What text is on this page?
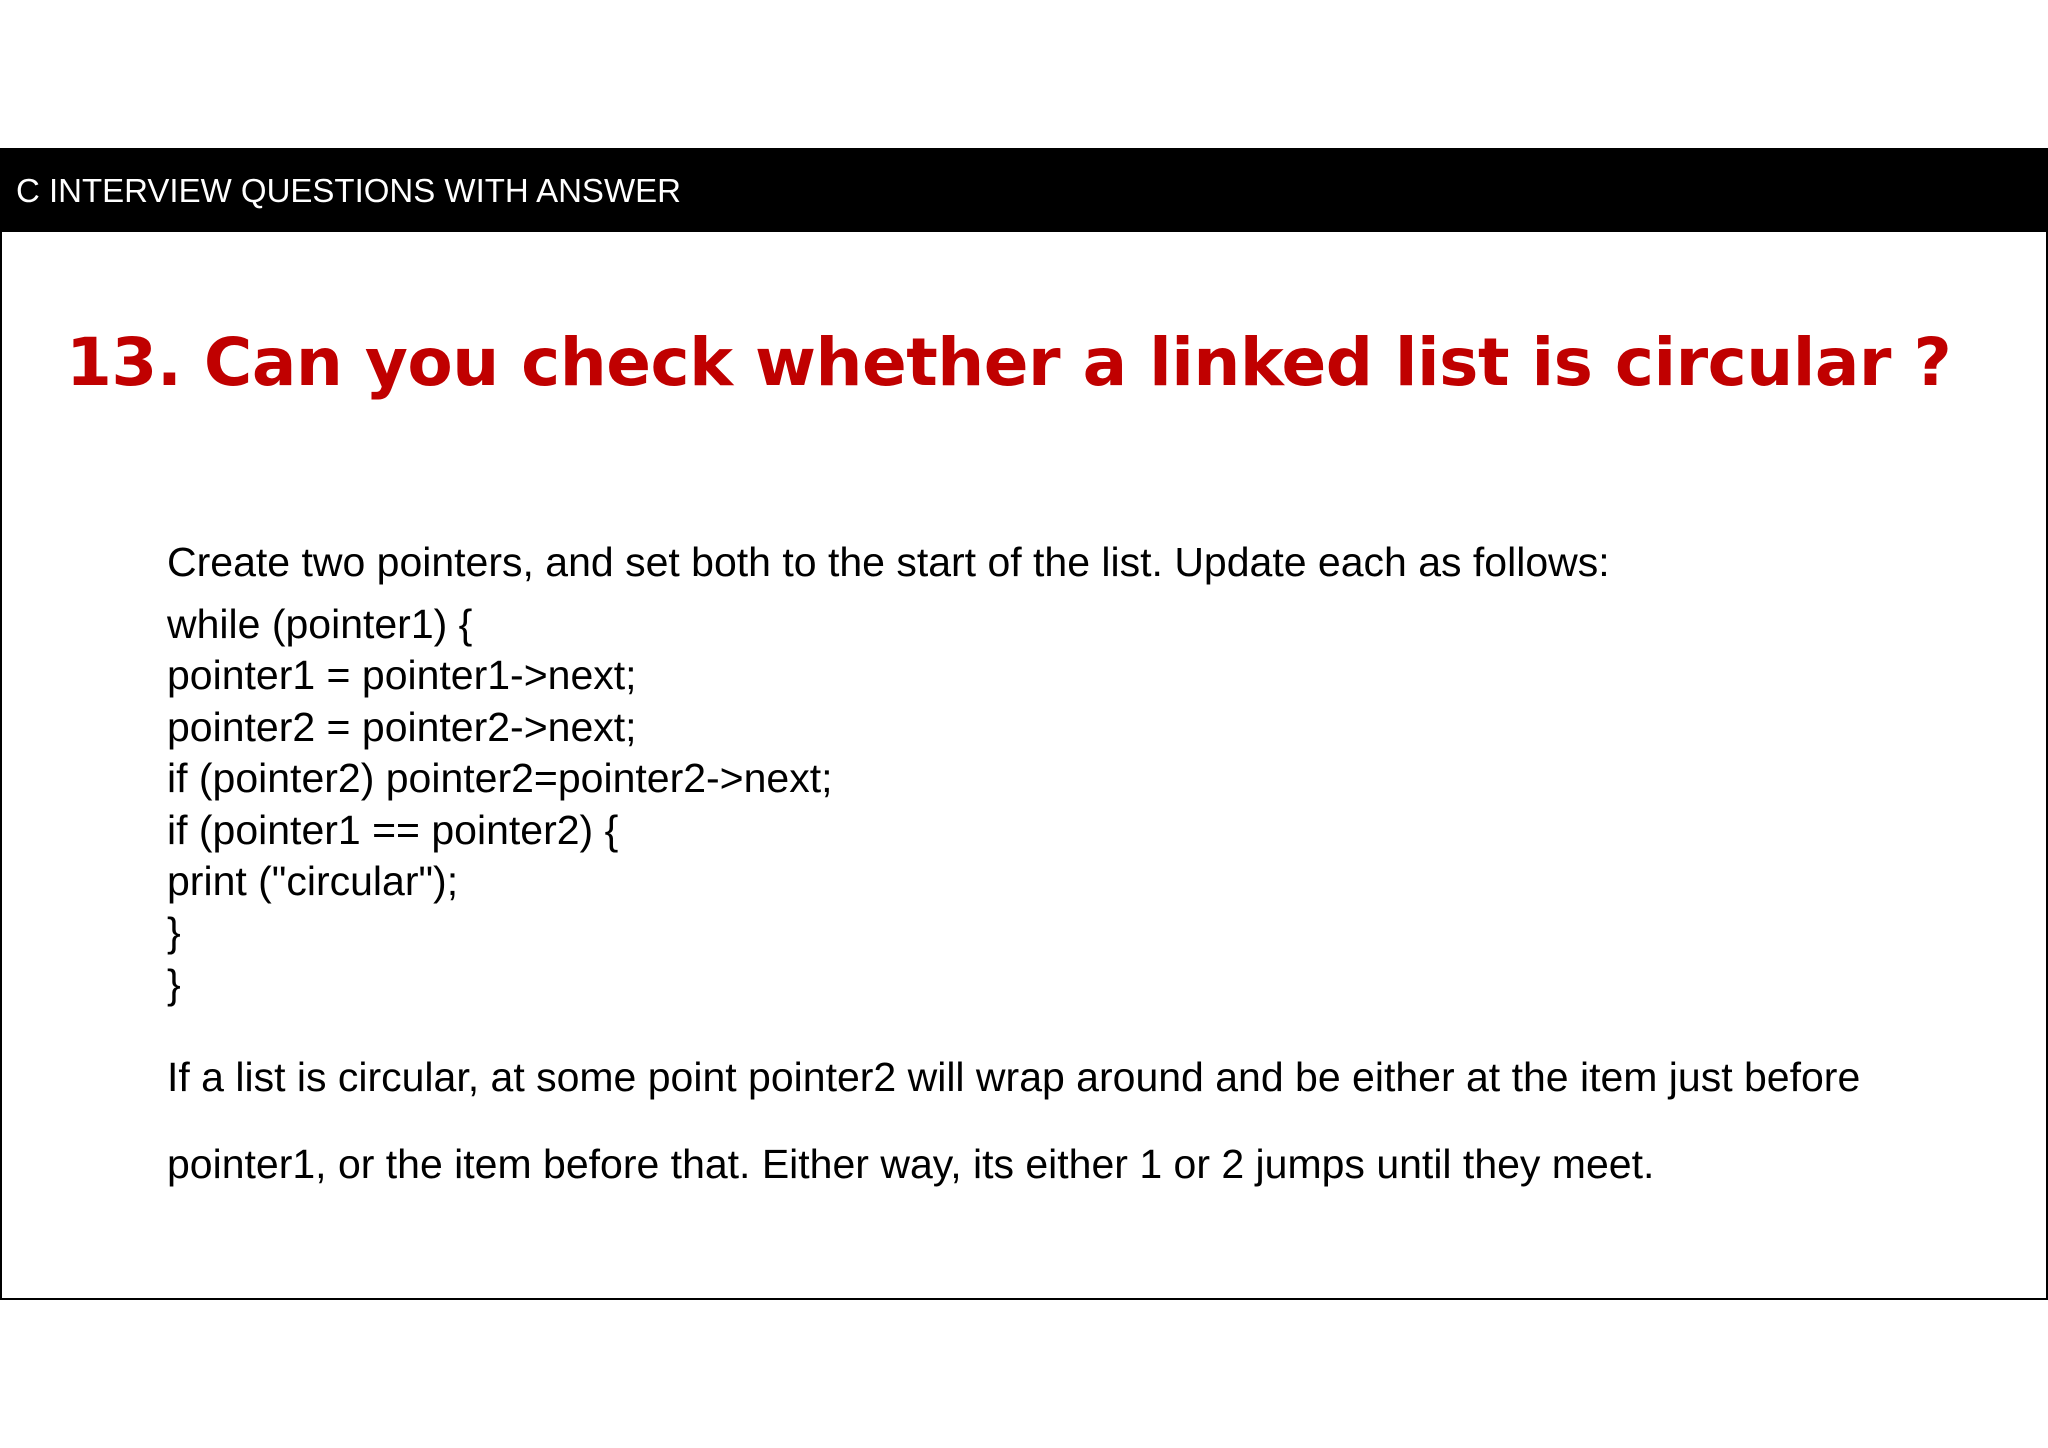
C INTERVIEW QUESTIONS WITH ANSWER
13. Can you check whether a linked list is circular ?

Create two pointers, and set both to the start of the list. Update each as follows:

while (pointer1) {

pointer1 = pointer1->next;

pointer2 = pointer2->next;

if (pointer2) pointer2=pointer2->next;

if (pointer1 == pointer2) {

print ("circular");

}

}

If a list is circular, at some point pointer2 will wrap around and be either at the item just before pointer1, or the item before that. Either way, its either 1 or 2 jumps until they meet.
